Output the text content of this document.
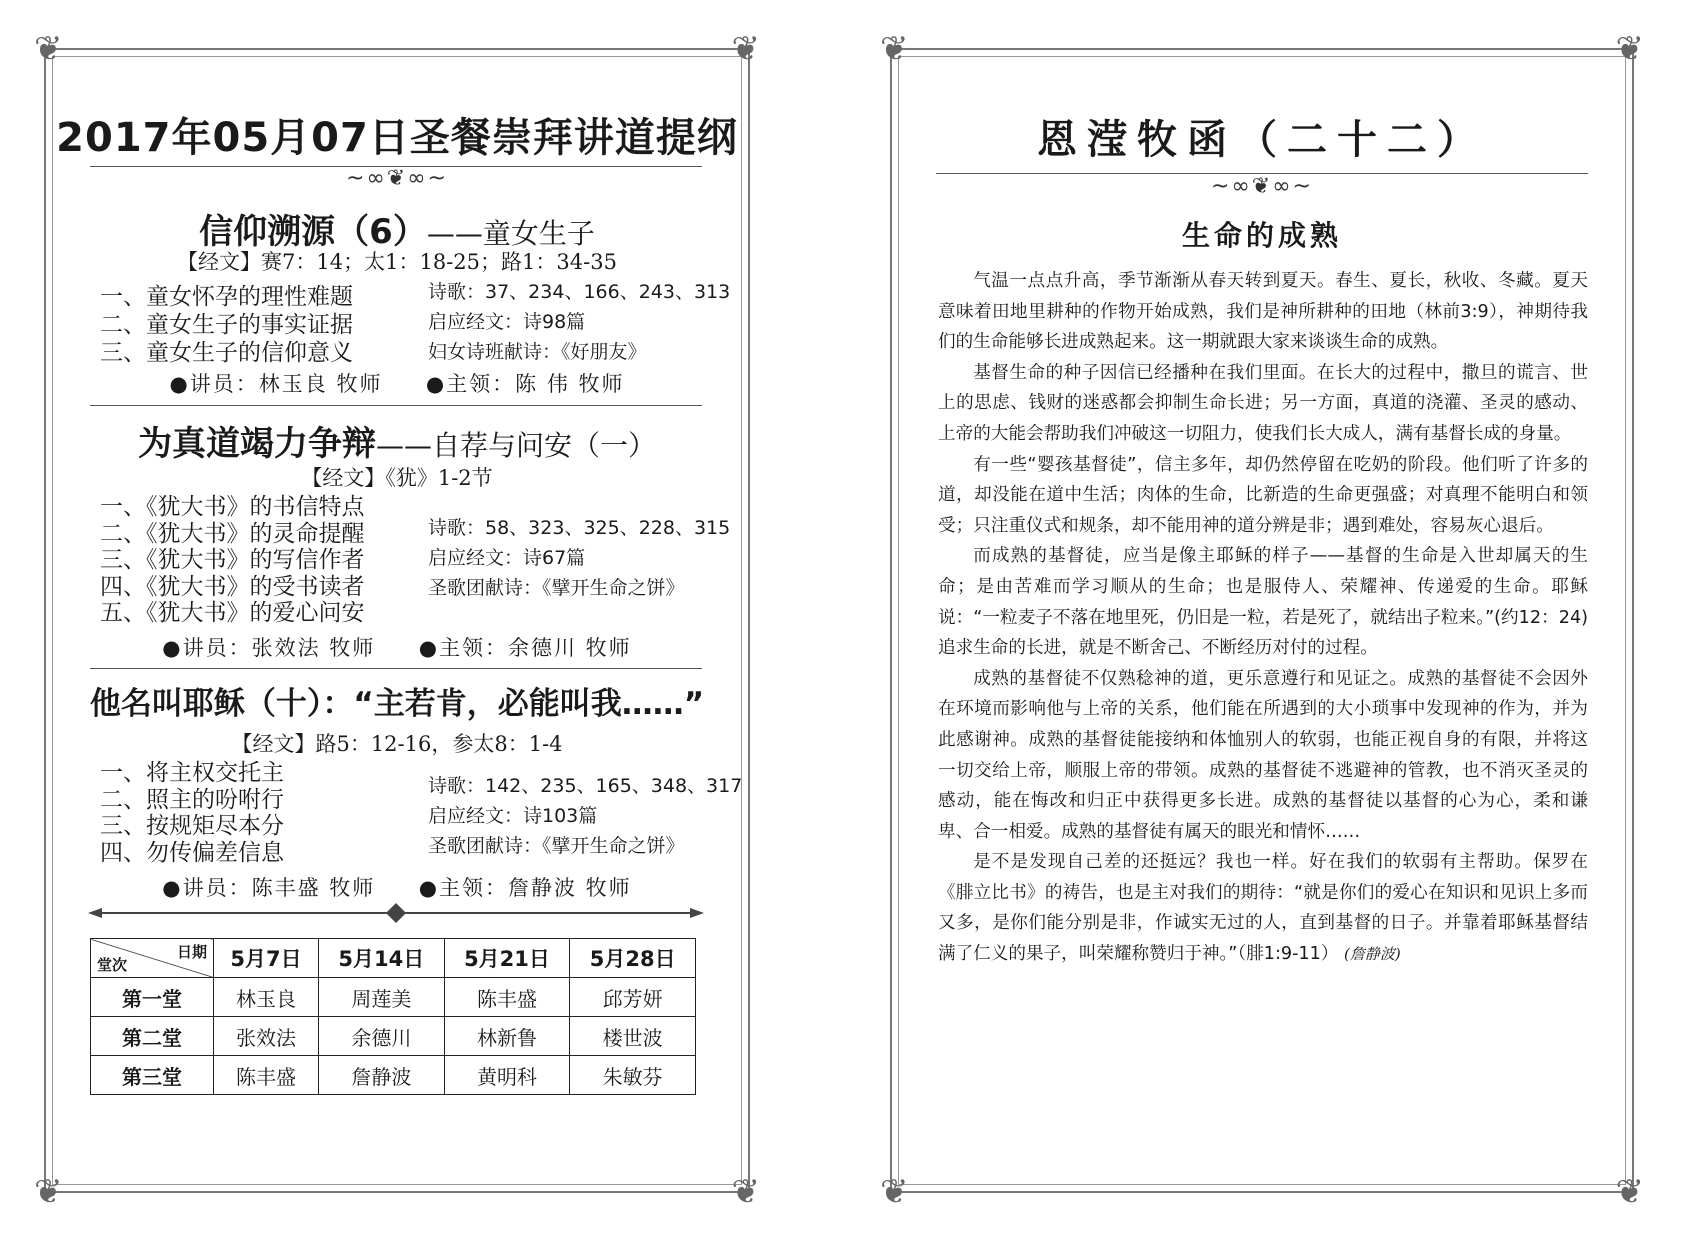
❦	❦
❦	❦
2017年05月07日圣餐崇拜讲道提纲
~∞❦∞~
信仰溯源（6）——童女生子
【经文】赛7：14；太1：18-25；路1：34-35
一、童女怀孕的理性难题
二、童女生子的事实证据
三、童女生子的信仰意义
诗歌：37、234、166、243、313
启应经文：诗98篇
妇女诗班献诗：《好朋友》
●讲员：林玉良 牧师 ●主领：陈 伟 牧师
为真道竭力争辩——自荐与问安（一）
【经文】《犹》1-2节
一、《犹大书》的书信特点
二、《犹大书》的灵命提醒
三、《犹大书》的写信作者
四、《犹大书》的受书读者
五、《犹大书》的爱心问安
诗歌：58、323、325、228、315
启应经文：诗67篇
圣歌团献诗：《擘开生命之饼》
●讲员：张效法 牧师 ●主领：余德川 牧师
他名叫耶稣（十）：“主若肯，必能叫我……”
【经文】路5：12-16，参太8：1-4
一、将主权交托主
二、照主的吩咐行
三、按规矩尽本分
四、勿传偏差信息
诗歌：142、235、165、348、317
启应经文：诗103篇
圣歌团献诗：《擘开生命之饼》
●讲员：陈丰盛 牧师 ●主领：詹静波 牧师
日期
堂次	5月7日	5月14日	5月21日	5月28日
第一堂	林玉良	周莲美	陈丰盛	邱芳妍
第二堂	张效法	余德川	林新鲁	楼世波
第三堂	陈丰盛	詹静波	黄明科	朱敏芬
❦	❦
❦	❦
恩滢牧函（二十二）
~∞❦∞~
生命的成熟

气温一点点升高，季节渐渐从春天转到夏天。春生、夏长，秋收、冬藏。夏天意味着田地里耕种的作物开始成熟，我们是神所耕种的田地（林前3:9），神期待我们的生命能够长进成熟起来。这一期就跟大家来谈谈生命的成熟。

基督生命的种子因信已经播种在我们里面。在长大的过程中，撒旦的谎言、世上的思虑、钱财的迷惑都会抑制生命长进；另一方面，真道的浇灌、圣灵的感动、上帝的大能会帮助我们冲破这一切阻力，使我们长大成人，满有基督长成的身量。

有一些“婴孩基督徒”，信主多年，却仍然停留在吃奶的阶段。他们听了许多的道，却没能在道中生活；肉体的生命，比新造的生命更强盛；对真理不能明白和领受；只注重仪式和规条，却不能用神的道分辨是非；遇到难处，容易灰心退后。

而成熟的基督徒，应当是像主耶稣的样子——基督的生命是入世却属天的生命；是由苦难而学习顺从的生命；也是服侍人、荣耀神、传递爱的生命。耶稣说：“一粒麦子不落在地里死，仍旧是一粒，若是死了，就结出子粒来。”(约12：24)追求生命的长进，就是不断舍己、不断经历对付的过程。

成熟的基督徒不仅熟稔神的道，更乐意遵行和见证之。成熟的基督徒不会因外在环境而影响他与上帝的关系，他们能在所遇到的大小琐事中发现神的作为，并为此感谢神。成熟的基督徒能接纳和体恤别人的软弱，也能正视自身的有限，并将这一切交给上帝，顺服上帝的带领。成熟的基督徒不逃避神的管教，也不消灭圣灵的感动，能在悔改和归正中获得更多长进。成熟的基督徒以基督的心为心，柔和谦卑、合一相爱。成熟的基督徒有属天的眼光和情怀……

是不是发现自己差的还挺远？我也一样。好在我们的软弱有主帮助。保罗在《腓立比书》的祷告，也是主对我们的期待：“就是你们的爱心在知识和见识上多而又多，是你们能分别是非，作诚实无过的人，直到基督的日子。并靠着耶稣基督结满了仁义的果子，叫荣耀称赞归于神。”（腓1:9-11） (詹静波)
